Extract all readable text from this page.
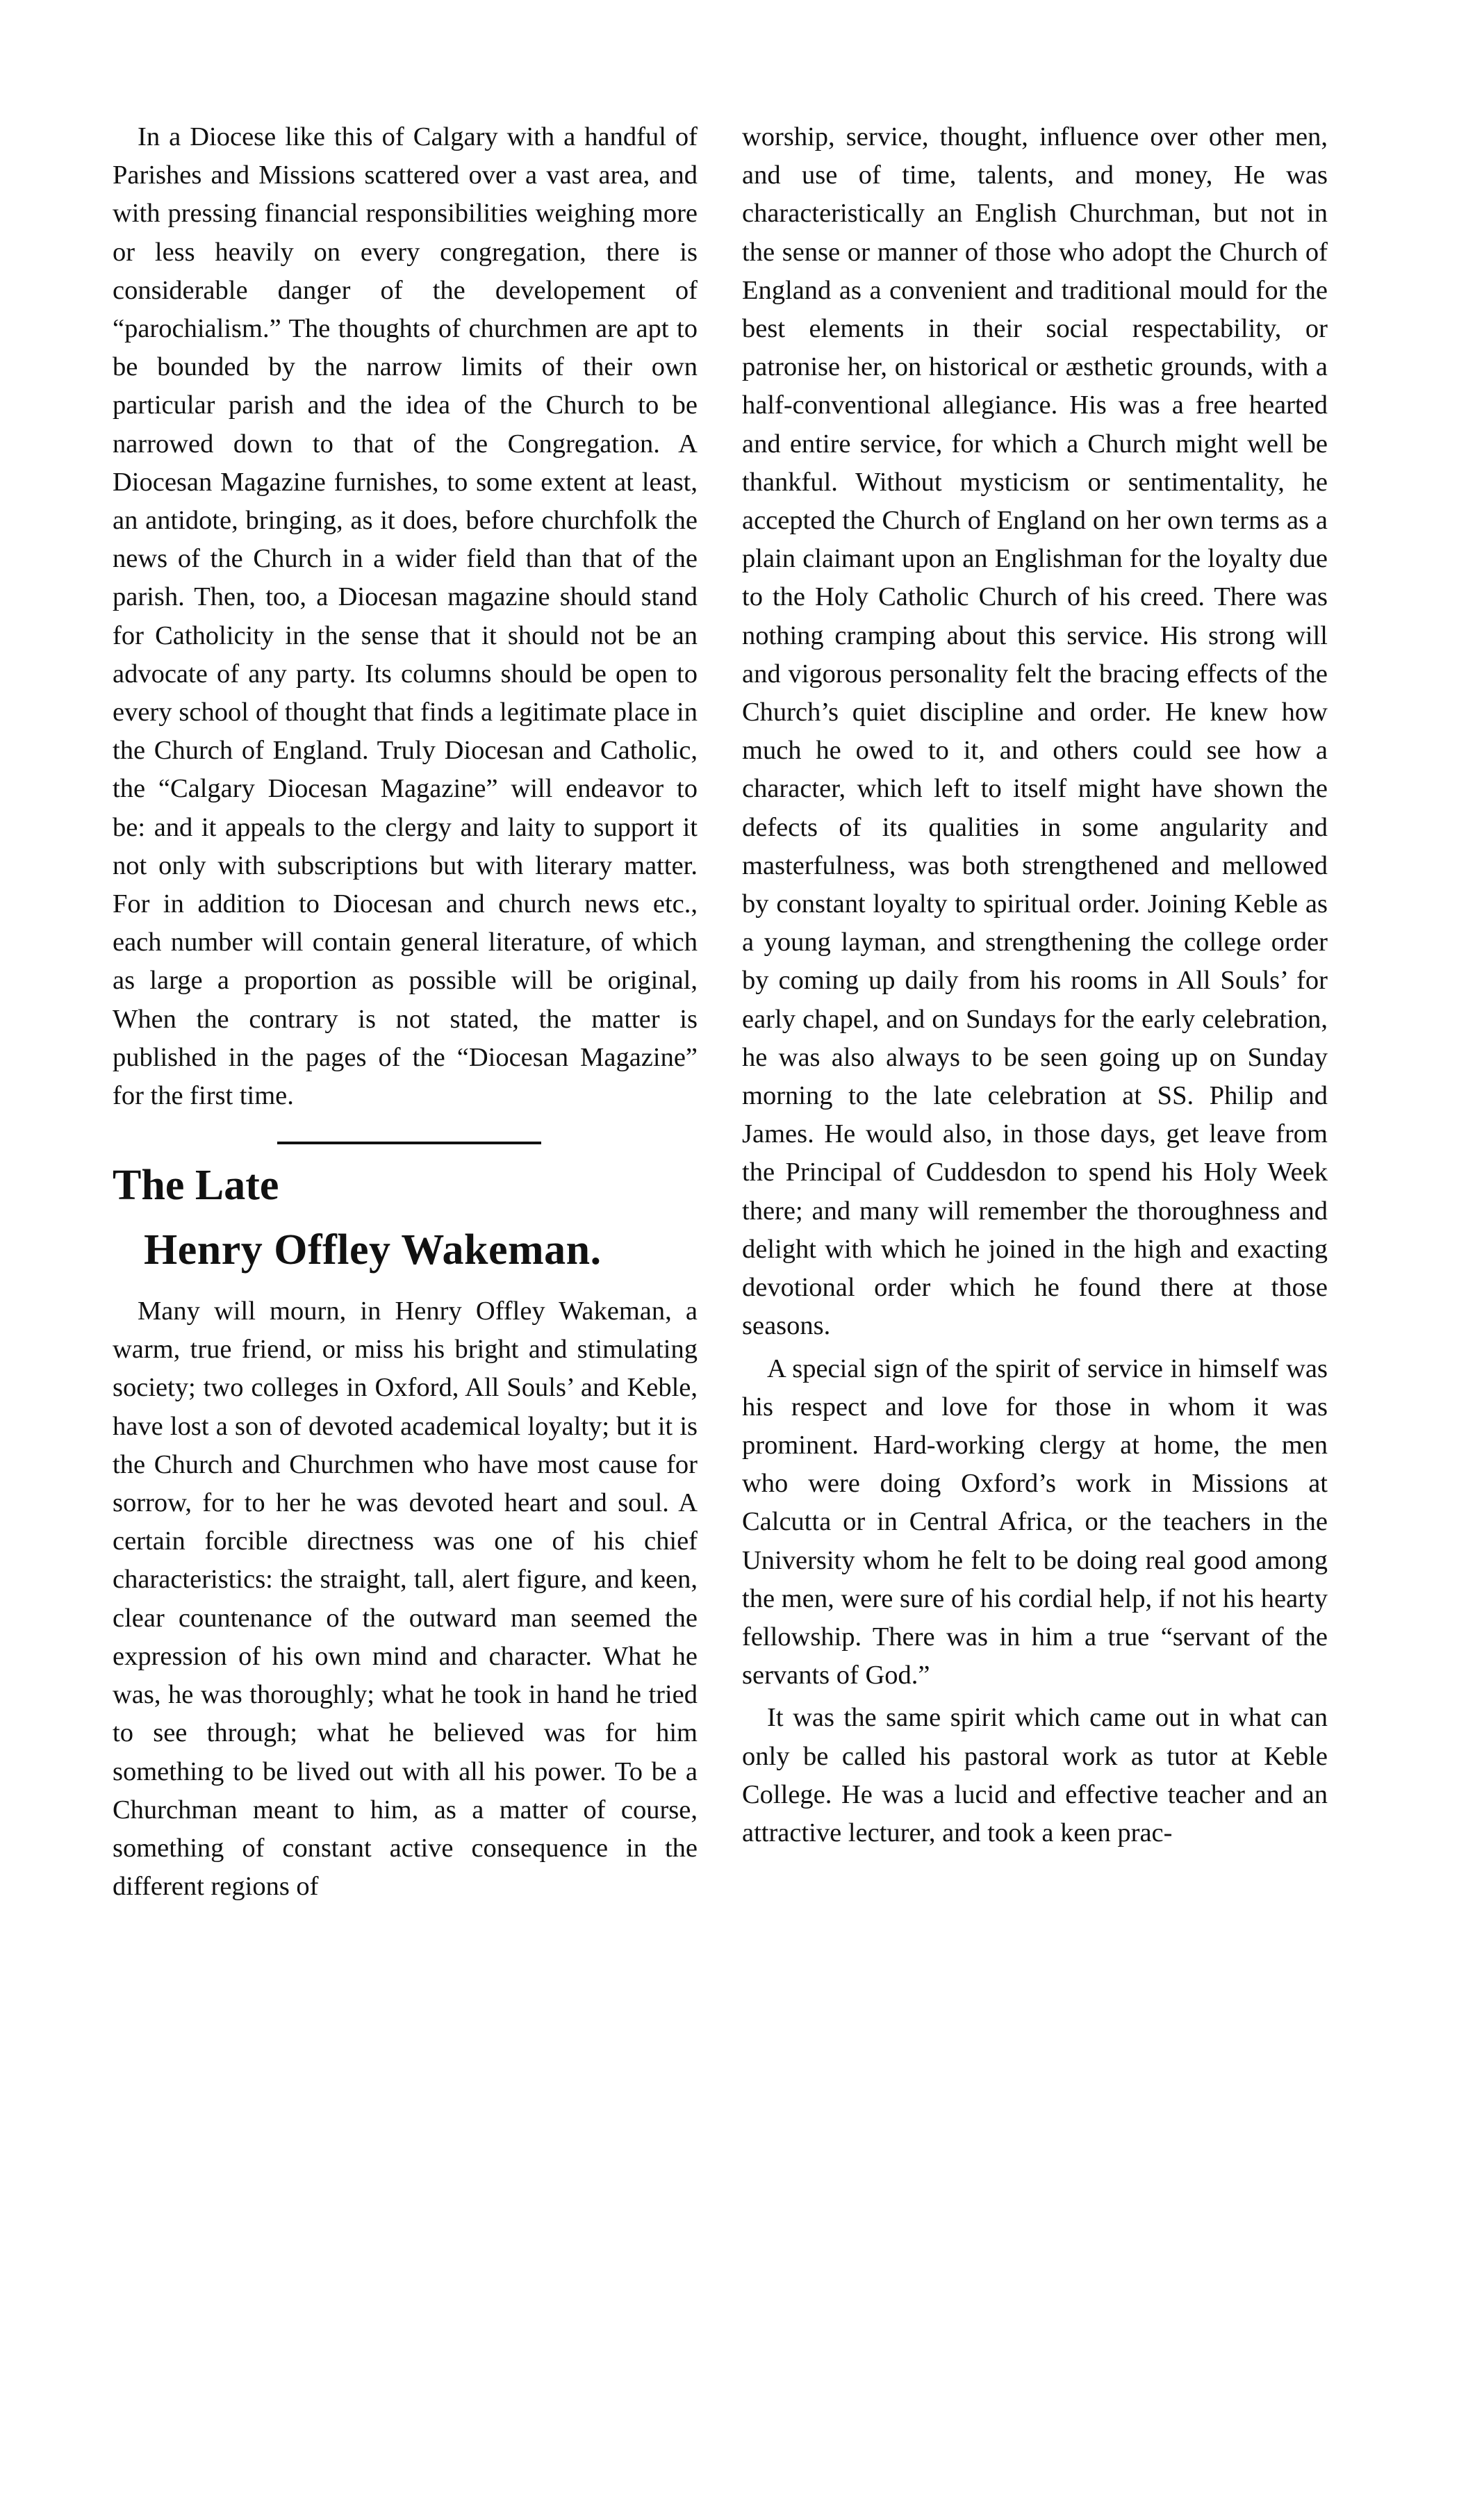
In a Diocese like this of Calgary with a handful of Parishes and Missions scattered over a vast area, and with pressing financial responsibilities weighing more or less heavily on every congregation, there is considerable danger of the developement of “parochialism.” The thoughts of churchmen are apt to be bounded by the narrow limits of their own particular parish and the idea of the Church to be narrowed down to that of the Congregation. A Diocesan Magazine furnishes, to some extent at least, an antidote, bringing, as it does, before churchfolk the news of the Church in a wider field than that of the parish. Then, too, a Diocesan magazine should stand for Catholicity in the sense that it should not be an advocate of any party. Its columns should be open to every school of thought that finds a legitimate place in the Church of England. Truly Diocesan and Catholic, the “Calgary Diocesan Magazine” will endeavor to be: and it appeals to the clergy and laity to support it not only with subscriptions but with literary matter. For in addition to Diocesan and church news etc., each number will contain general literature, of which as large a proportion as possible will be original, When the contrary is not stated, the matter is published in the pages of the “Diocesan Magazine” for the first time.

The Late
Henry Offley Wakeman.

Many will mourn, in Henry Offley Wakeman, a warm, true friend, or miss his bright and stimulating society; two colleges in Oxford, All Souls’ and Keble, have lost a son of devoted academical loyalty; but it is the Church and Churchmen who have most cause for sorrow, for to her he was devoted heart and soul. A certain forcible directness was one of his chief characteristics: the straight, tall, alert figure, and keen, clear countenance of the outward man seemed the expression of his own mind and character. What he was, he was thoroughly; what he took in hand he tried to see through; what he believed was for him something to be lived out with all his power. To be a Churchman meant to him, as a matter of course, something of constant active consequence in the different regions of

worship, service, thought, influence over other men, and use of time, talents, and money, He was characteristically an English Churchman, but not in the sense or manner of those who adopt the Church of England as a convenient and traditional mould for the best elements in their social respectability, or patronise her, on historical or æsthetic grounds, with a half-conventional allegiance. His was a free hearted and entire service, for which a Church might well be thankful. Without mysticism or sentimentality, he accepted the Church of England on her own terms as a plain claimant upon an Englishman for the loyalty due to the Holy Catholic Church of his creed. There was nothing cramping about this service. His strong will and vigorous personality felt the bracing effects of the Church’s quiet discipline and order. He knew how much he owed to it, and others could see how a character, which left to itself might have shown the defects of its qualities in some angularity and masterfulness, was both strengthened and mellowed by constant loyalty to spiritual order. Joining Keble as a young layman, and strengthening the college order by coming up daily from his rooms in All Souls’ for early chapel, and on Sundays for the early celebration, he was also always to be seen going up on Sunday morning to the late celebration at SS. Philip and James. He would also, in those days, get leave from the Principal of Cuddesdon to spend his Holy Week there; and many will remember the thoroughness and delight with which he joined in the high and exacting devotional order which he found there at those seasons.

A special sign of the spirit of service in himself was his respect and love for those in whom it was prominent. Hard-working clergy at home, the men who were doing Oxford’s work in Missions at Calcutta or in Central Africa, or the teachers in the University whom he felt to be doing real good among the men, were sure of his cordial help, if not his hearty fellowship. There was in him a true “servant of the servants of God.”

It was the same spirit which came out in what can only be called his pastoral work as tutor at Keble College. He was a lucid and effective teacher and an attractive lecturer, and took a keen prac-
